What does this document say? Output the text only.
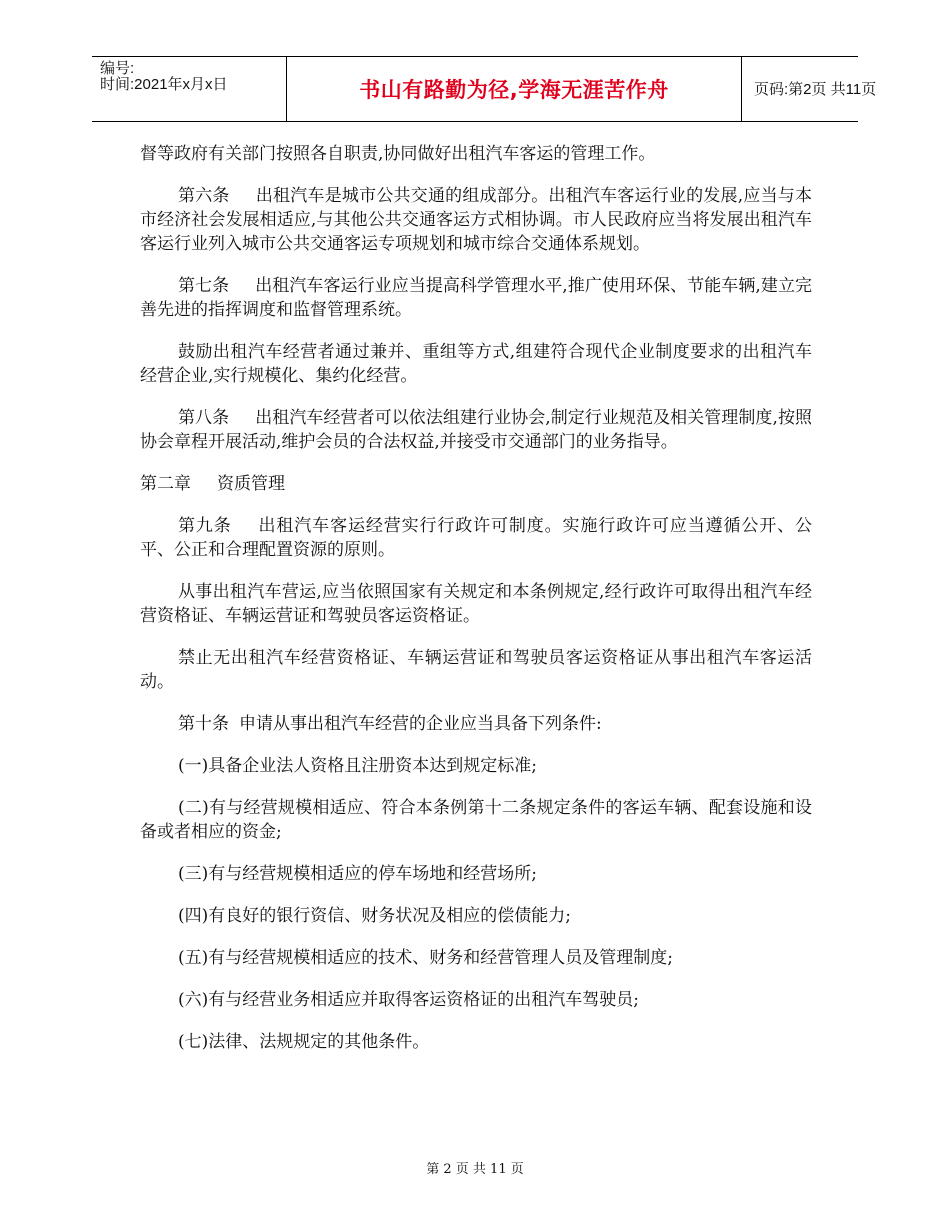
编号:
时间:2021年x月x日	书山有路勤为径,学海无涯苦作舟	页码:第2页 共11页

督等政府有关部门按照各自职责,协同做好出租汽车客运的管理工作。

第六条 出租汽车是城市公共交通的组成部分。出租汽车客运行业的发展,应当与本市经济社会发展相适应,与其他公共交通客运方式相协调。市人民政府应当将发展出租汽车客运行业列入城市公共交通客运专项规划和城市综合交通体系规划。

第七条 出租汽车客运行业应当提高科学管理水平,推广使用环保、节能车辆,建立完善先进的指挥调度和监督管理系统。

鼓励出租汽车经营者通过兼并、重组等方式,组建符合现代企业制度要求的出租汽车经营企业,实行规模化、集约化经营。

第八条 出租汽车经营者可以依法组建行业协会,制定行业规范及相关管理制度,按照协会章程开展活动,维护会员的合法权益,并接受市交通部门的业务指导。

第二章 资质管理

第九条 出租汽车客运经营实行行政许可制度。实施行政许可应当遵循公开、公平、公正和合理配置资源的原则。

从事出租汽车营运,应当依照国家有关规定和本条例规定,经行政许可取得出租汽车经营资格证、车辆运营证和驾驶员客运资格证。

禁止无出租汽车经营资格证、车辆运营证和驾驶员客运资格证从事出租汽车客运活动。

第十条 申请从事出租汽车经营的企业应当具备下列条件:

(一)具备企业法人资格且注册资本达到规定标准;

(二)有与经营规模相适应、符合本条例第十二条规定条件的客运车辆、配套设施和设备或者相应的资金;

(三)有与经营规模相适应的停车场地和经营场所;

(四)有良好的银行资信、财务状况及相应的偿债能力;

(五)有与经营规模相适应的技术、财务和经营管理人员及管理制度;

(六)有与经营业务相适应并取得客运资格证的出租汽车驾驶员;

(七)法律、法规规定的其他条件。

第 2 页 共 11 页
